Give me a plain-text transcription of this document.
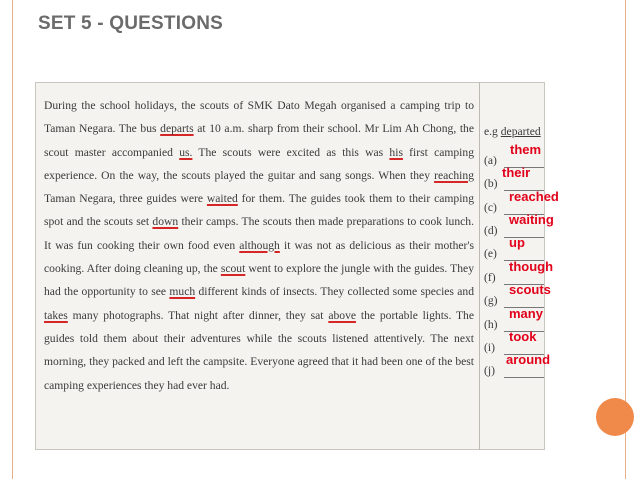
SET 5 - QUESTIONS

During the school holidays, the scouts of SMK Dato Megah organised a camping trip to Taman Negara. The bus departs at 10 a.m. sharp from their school. Mr Lim Ah Chong, the scout master accompanied us. The scouts were excited as this was his first camping experience. On the way, the scouts played the guitar and sang songs. When they reaching Taman Negara, three guides were waited for them. The guides took them to their camping spot and the scouts set down their camps. The scouts then made preparations to cook lunch. It was fun cooking their own food even although it was not as delicious as their mother's cooking. After doing cleaning up, the scout went to explore the jungle with the guides. They had the opportunity to see much different kinds of insects. They collected some species and takes many photographs. That night after dinner, they sat above the portable lights. The guides told them about their adventures while the scouts listened attentively. The next morning, they packed and left the campsite. Everyone agreed that it had been one of the best camping experiences they had ever had.

e.g departed
(a)
them
(b)
their
(c)
reached
(d)
waiting
(e)
up
(f)
though
(g)
scouts
(h)
many
(i)
took
(j)
around
